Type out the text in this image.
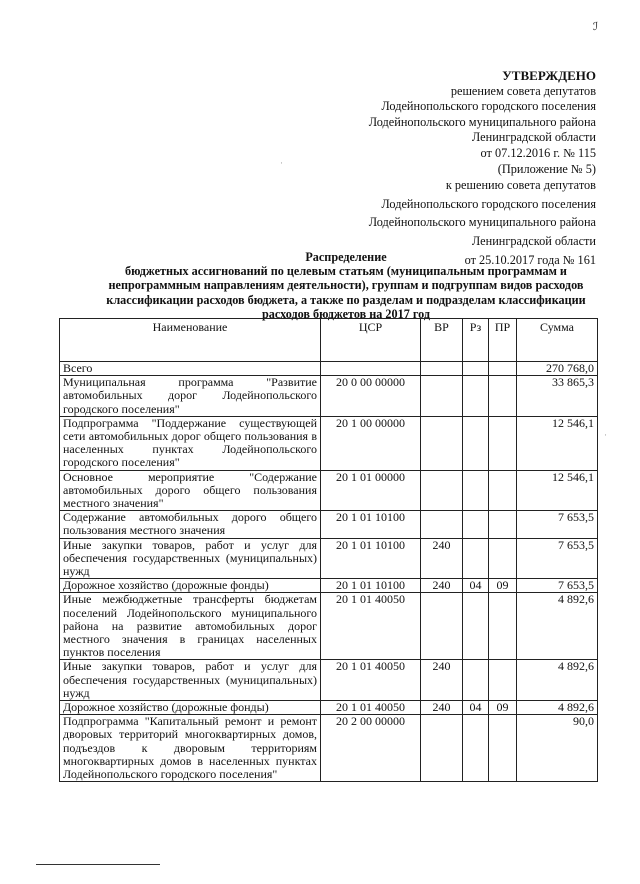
ℐ
·
·
УТВЕРЖДЕНО
решением совета депутатов
Лодейнопольского городского поселения
Лодейнопольского муниципального района
Ленинградской области
от 07.12.2016 г. № 115
(Приложение № 5)
к решению совета депутатов
Лодейнопольского городского поселения
Лодейнопольского муниципального района
Ленинградской области
от 25.10.2017 года № 161
Распределение
бюджетных ассигнований по целевым статьям (муниципальным программам и
непрограммным направлениям деятельности), группам и подгруппам видов расходов
классификации расходов бюджета, а также по разделам и подразделам классификации
расходов бюджетов на 2017 год
Наименование	ЦСР	ВР	Рз	ПР	Сумма
Всего					270 768,0
Муниципальная программа "Развитие автомобильных дорог Лодейнопольского городского поселения"	20 0 00 00000				33 865,3
Подпрограмма "Поддержание существующей сети автомобильных дорог общего пользования в населенных пунктах Лодейнопольского городского поселения"	20 1 00 00000				12 546,1
Основное мероприятие "Содержание автомобильных дорого общего пользования местного значения"	20 1 01 00000				12 546,1
Содержание автомобильных дорого общего пользования местного значения	20 1 01 10100				7 653,5
Иные закупки товаров, работ и услуг для обеспечения государственных (муниципальных) нужд	20 1 01 10100	240			7 653,5
Дорожное хозяйство (дорожные фонды)	20 1 01 10100	240	04	09	7 653,5
Иные межбюджетные трансферты бюджетам поселений Лодейнопольского муниципального района на развитие автомобильных дорог местного значения в границах населенных пунктов поселения	20 1 01 40050				4 892,6
Иные закупки товаров, работ и услуг для обеспечения государственных (муниципальных) нужд	20 1 01 40050	240			4 892,6
Дорожное хозяйство (дорожные фонды)	20 1 01 40050	240	04	09	4 892,6
Подпрограмма "Капитальный ремонт и ремонт дворовых территорий многоквартирных домов, подъездов к дворовым территориям многоквартирных домов в населенных пунктах Лодейнопольского городского поселения"	20 2 00 00000				90,0
